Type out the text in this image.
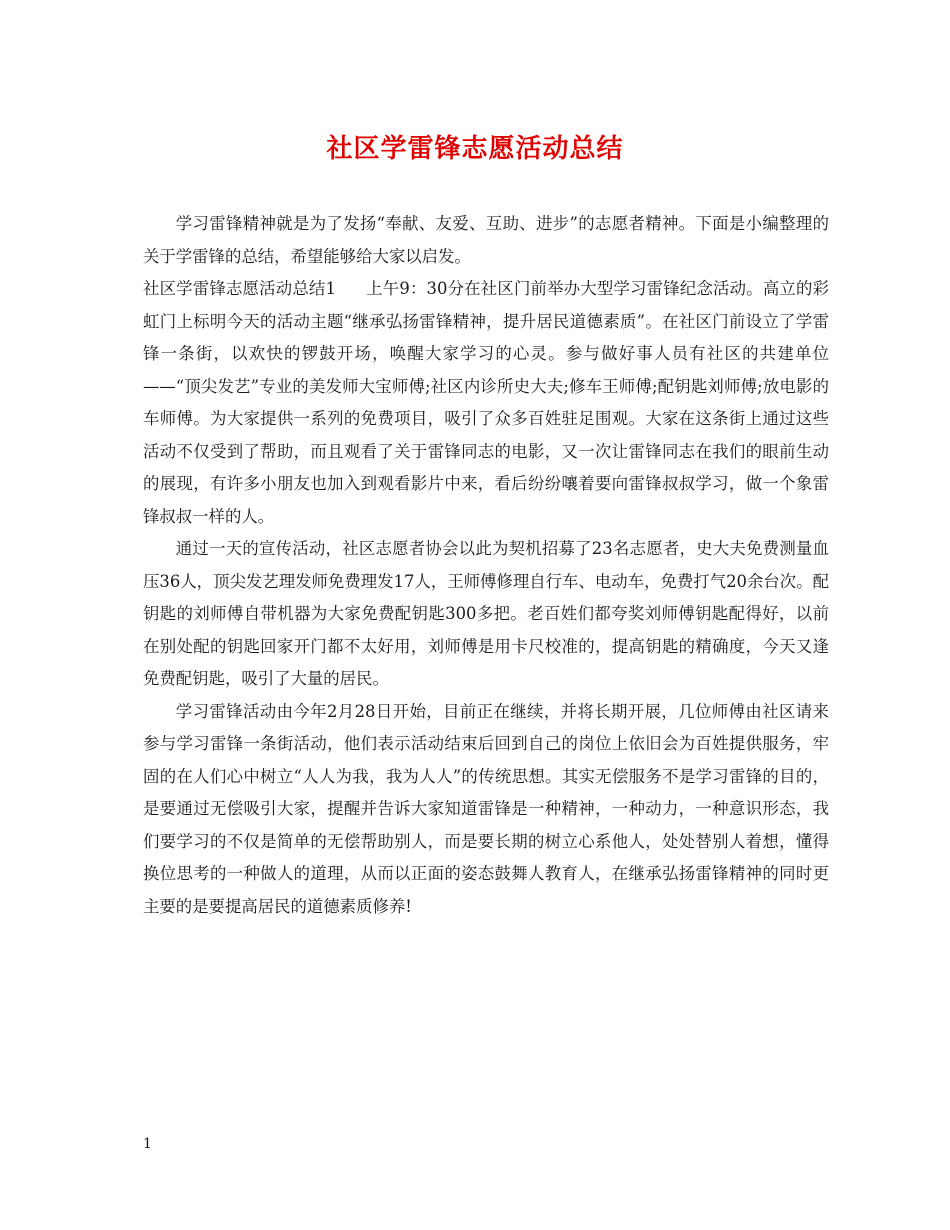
社区学雷锋志愿活动总结

学习雷锋精神就是为了发扬“奉献、友爱、互助、进步”的志愿者精神。下面是小编整理的关于学雷锋的总结，希望能够给大家以启发。

社区学雷锋志愿活动总结1 上午9：30分在社区门前举办大型学习雷锋纪念活动。高立的彩虹门上标明今天的活动主题“继承弘扬雷锋精神，提升居民道德素质”。在社区门前设立了学雷锋一条街，以欢快的锣鼓开场，唤醒大家学习的心灵。参与做好事人员有社区的共建单位——“顶尖发艺”专业的美发师大宝师傅;社区内诊所史大夫;修车王师傅;配钥匙刘师傅;放电影的车师傅。为大家提供一系列的免费项目，吸引了众多百姓驻足围观。大家在这条街上通过这些活动不仅受到了帮助，而且观看了关于雷锋同志的电影，又一次让雷锋同志在我们的眼前生动的展现，有许多小朋友也加入到观看影片中来，看后纷纷嚷着要向雷锋叔叔学习，做一个象雷锋叔叔一样的人。

通过一天的宣传活动，社区志愿者协会以此为契机招募了23名志愿者，史大夫免费测量血压36人，顶尖发艺理发师免费理发17人，王师傅修理自行车、电动车，免费打气20余台次。配钥匙的刘师傅自带机器为大家免费配钥匙300多把。老百姓们都夸奖刘师傅钥匙配得好，以前在别处配的钥匙回家开门都不太好用，刘师傅是用卡尺校准的，提高钥匙的精确度，今天又逢免费配钥匙，吸引了大量的居民。

学习雷锋活动由今年2月28日开始，目前正在继续，并将长期开展，几位师傅由社区请来参与学习雷锋一条街活动，他们表示活动结束后回到自己的岗位上依旧会为百姓提供服务，牢固的在人们心中树立“人人为我，我为人人”的传统思想。其实无偿服务不是学习雷锋的目的，是要通过无偿吸引大家，提醒并告诉大家知道雷锋是一种精神，一种动力，一种意识形态，我们要学习的不仅是简单的无偿帮助别人，而是要长期的树立心系他人，处处替别人着想，懂得换位思考的一种做人的道理，从而以正面的姿态鼓舞人教育人，在继承弘扬雷锋精神的同时更主要的是要提高居民的道德素质修养!

1
